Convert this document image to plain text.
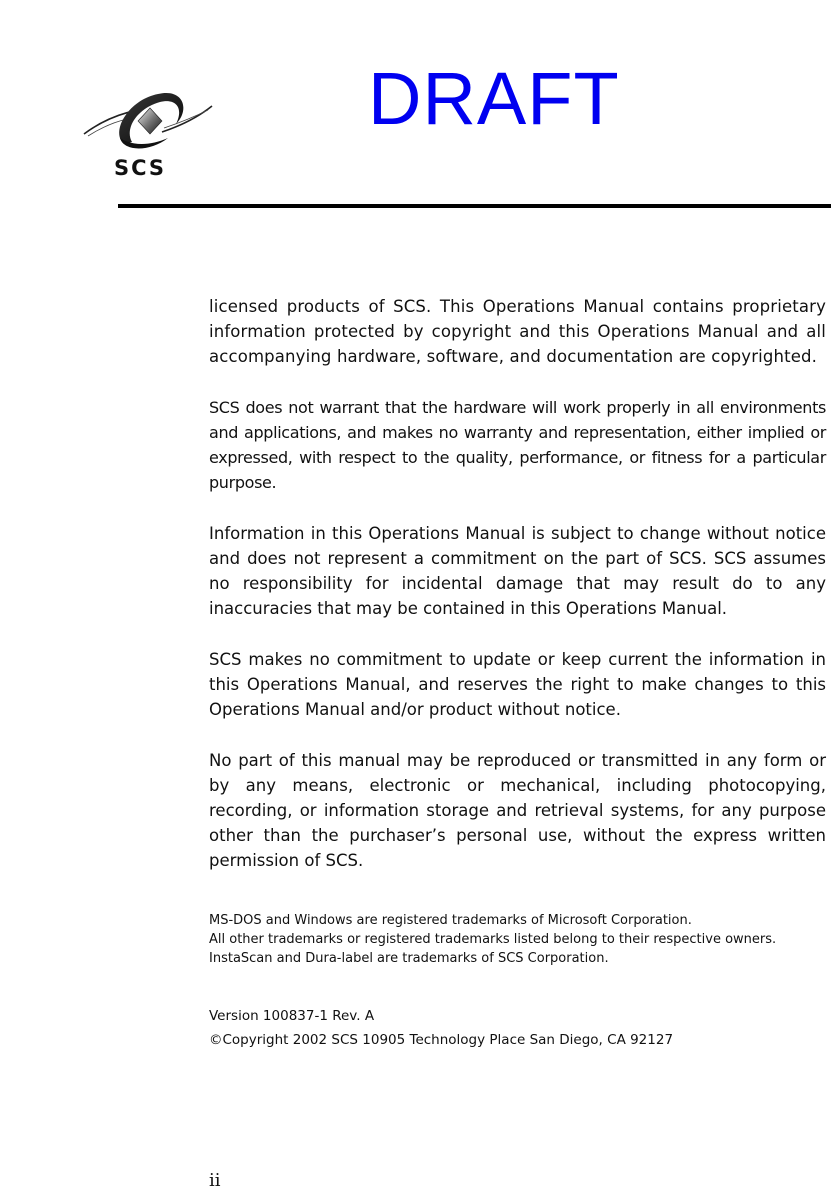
SCS
DRAFT

licensed products of SCS. This Operations Manual contains proprietary information protected by copyright and this Operations Manual and all accompanying hardware, software, and documentation are copyrighted.

SCS does not warrant that the hardware will work properly in all environments and applications, and makes no warranty and representation, either implied or expressed, with respect to the quality, performance, or fitness for a particular purpose.

Information in this Operations Manual is subject to change without notice and does not represent a commitment on the part of SCS. SCS assumes no responsibility for incidental damage that may result do to any inaccuracies that may be contained in this Operations Manual.

SCS makes no commitment to update or keep current the information in this Operations Manual, and reserves the right to make changes to this Operations Manual and/or product without notice.

No part of this manual may be reproduced or transmitted in any form or by any means, electronic or mechanical, including photocopying, recording, or information storage and retrieval systems, for any purpose other than the purchaser’s personal use, without the express written permission of SCS.

MS-DOS and Windows are registered trademarks of Microsoft Corporation.
All other trademarks or registered trademarks listed belong to their respective owners.
InstaScan and Dura-label are trademarks of SCS Corporation.
Version 100837-1 Rev. A
©Copyright 2002 SCS 10905 Technology Place San Diego, CA 92127
ii
